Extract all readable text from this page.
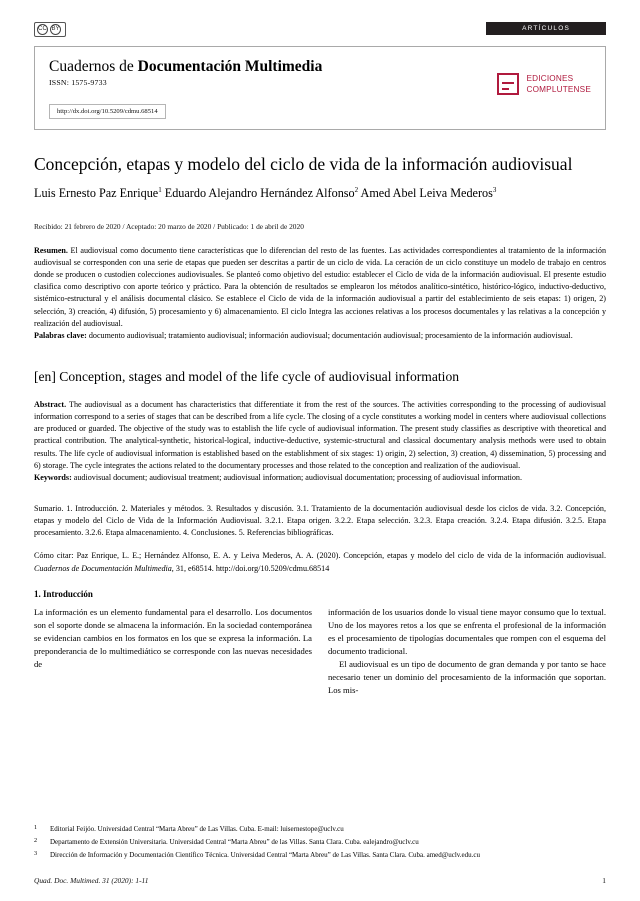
CC BY	ARTÍCULOS
Cuadernos de Documentación Multimedia
ISSN: 1575-9733
http://dx.doi.org/10.5209/cdmu.68514
EDICIONES
COMPLUTENSE
Concepción, etapas y modelo del ciclo de vida de la información audiovisual
Luis Ernesto Paz Enrique$^1$ Eduardo Alejandro Hernández Alfonso$^2$ Amed Abel Leiva Mederos$^3$
Recibido: 21 febrero de 2020 / Aceptado: 20 marzo de 2020 / Publicado: 1 de abril de 2020

Resumen. El audiovisual como documento tiene características que lo diferencian del resto de las fuentes. Las actividades correspondientes al tratamiento de la información audiovisual se corresponden con una serie de etapas que pueden ser descritas a partir de un ciclo de vida. La ceración de un ciclo constituye un modelo de trabajo en centros donde se producen o custodien colecciones audiovisuales. Se planteó como objetivo del estudio: establecer el Ciclo de vida de la información audiovisual. El presente estudio clasifica como descriptivo con aporte teórico y práctico. Para la obtención de resultados se emplearon los métodos analítico-sintético, histórico-lógico, inductivo-deductivo, sistémico-estructural y el análisis documental clásico. Se establece el Ciclo de vida de la información audiovisual a partir del establecimiento de seis etapas: 1) origen, 2) selección, 3) creación, 4) difusión, 5) procesamiento y 6) almacenamiento. El ciclo Integra las acciones relativas a los procesos documentales y las relativas a la concepción y realización del audiovisual.

Palabras clave: documento audiovisual; tratamiento audiovisual; información audiovisual; documentación audiovisual; procesamiento de la información audiovisual.

[en] Conception, stages and model of the life cycle of audiovisual information

Abstract. The audiovisual as a document has characteristics that differentiate it from the rest of the sources. The activities corresponding to the processing of audiovisual information correspond to a series of stages that can be described from a life cycle. The closing of a cycle constitutes a working model in centers where audiovisual collections are produced or guarded. The objective of the study was to establish the life cycle of audiovisual information. The present study classifies as descriptive with theoretical and practical contribution. The analytical-synthetic, historical-logical, inductive-deductive, systemic-structural and classical documentary analysis methods were used to obtain results. The life cycle of audiovisual information is established based on the establishment of six stages: 1) origin, 2) selection, 3) creation, 4) dissemination, 5) processing and 6) storage. The cycle integrates the actions related to the documentary processes and those related to the conception and realization of the audiovisual.

Keywords: audiovisual document; audiovisual treatment; audiovisual information; audiovisual documentation; processing of audiovisual information.

Sumario. 1. Introducción. 2. Materiales y métodos. 3. Resultados y discusión. 3.1. Tratamiento de la documentación audiovisual desde los ciclos de vida. 3.2. Concepción, etapas y modelo del Ciclo de Vida de la Información Audiovisual. 3.2.1. Etapa origen. 3.2.2. Etapa selección. 3.2.3. Etapa creación. 3.2.4. Etapa difusión. 3.2.5. Etapa procesamiento. 3.2.6. Etapa almacenamiento. 4. Conclusiones. 5. Referencias bibliográficas.
Cómo citar: Paz Enrique, L. E.; Hernández Alfonso, E. A. y Leiva Mederos, A. A. (2020). Concepción, etapas y modelo del ciclo de vida de la información audiovisual. Cuadernos de Documentación Multimedia, 31, e68514. http://doi.org/10.5209/cdmu.68514
1. Introducción

La información es un elemento fundamental para el desarrollo. Los documentos son el soporte donde se almacena la información. En la sociedad contemporánea se evidencian cambios en los formatos en los que se expresa la información. La preponderancia de lo multimediático se corresponde con las nuevas necesidades de

información de los usuarios donde lo visual tiene mayor consumo que lo textual. Uno de los mayores retos a los que se enfrenta el profesional de la información es el procesamiento de tipologías documentales que rompen con el esquema del documento tradicional.

El audiovisual es un tipo de documento de gran demanda y por tanto se hace necesario tener un dominio del procesamiento de la información que soportan. Los mis-

1	Editorial Feijóo. Universidad Central “Marta Abreu” de Las Villas. Cuba. E-mail: luisernestope@uclv.cu
2	Departamento de Extensión Universitaria. Universidad Central “Marta Abreu” de las Villas. Santa Clara. Cuba. ealejandro@uclv.cu
3	Dirección de Información y Documentación Científico Técnica. Universidad Central “Marta Abreu” de Las Villas. Santa Clara. Cuba. amed@uclv.edu.cu
Quad. Doc. Multimed. 31 (2020): 1-11	1
